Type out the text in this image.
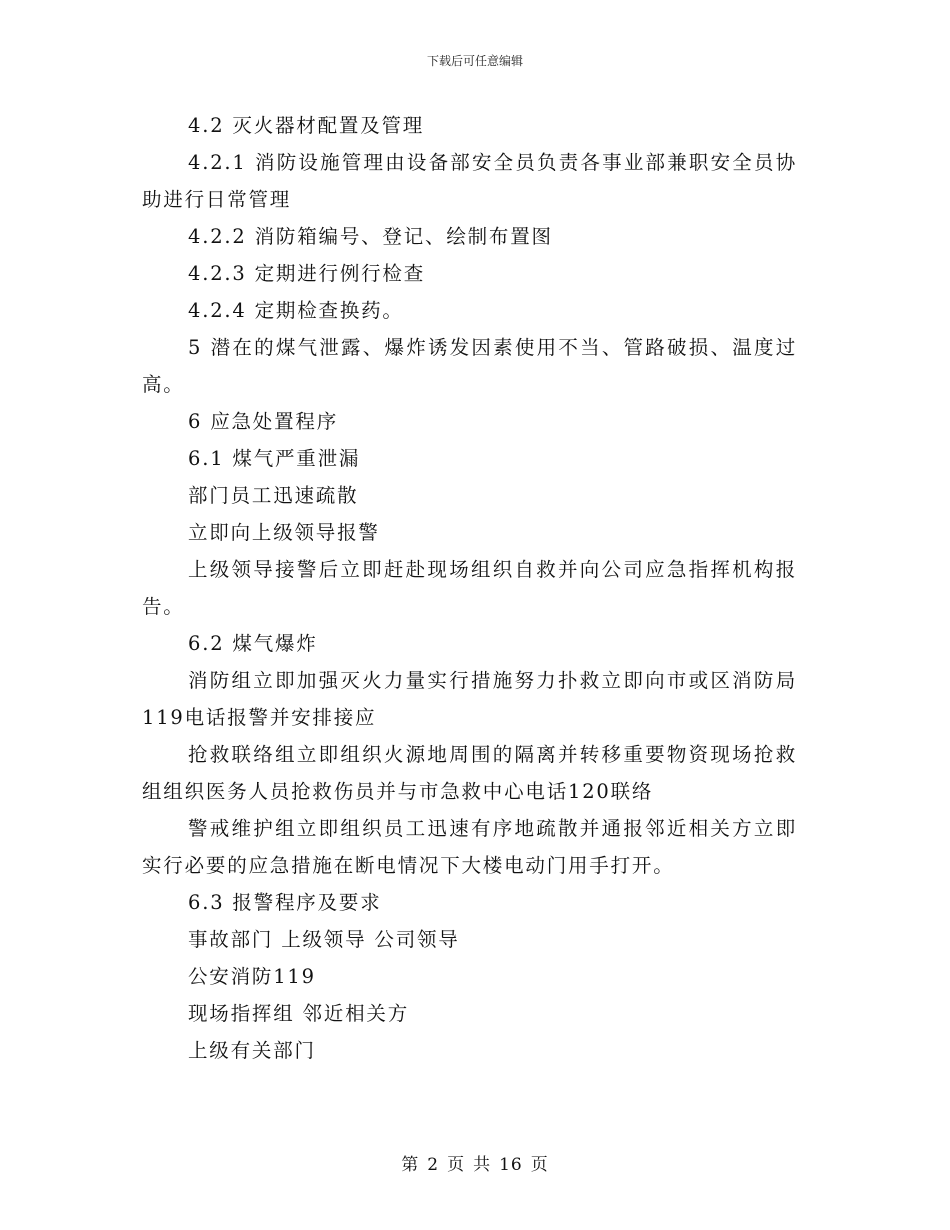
下载后可任意编辑

4.2 灭火器材配置及管理

4.2.1 消防设施管理由设备部安全员负责各事业部兼职安全员协助进行日常管理

4.2.2 消防箱编号、登记、绘制布置图

4.2.3 定期进行例行检查

4.2.4 定期检查换药。

5 潜在的煤气泄露、爆炸诱发因素使用不当、管路破损、温度过高。

6 应急处置程序

6.1 煤气严重泄漏

部门员工迅速疏散

立即向上级领导报警

上级领导接警后立即赶赴现场组织自救并向公司应急指挥机构报告。

6.2 煤气爆炸

消防组立即加强灭火力量实行措施努力扑救立即向市或区消防局119电话报警并安排接应

抢救联络组立即组织火源地周围的隔离并转移重要物资现场抢救组组织医务人员抢救伤员并与市急救中心电话120联络

警戒维护组立即组织员工迅速有序地疏散并通报邻近相关方立即实行必要的应急措施在断电情况下大楼电动门用手打开。

6.3 报警程序及要求

事故部门 上级领导 公司领导

公安消防119

现场指挥组 邻近相关方

上级有关部门

第 2 页 共 16 页
